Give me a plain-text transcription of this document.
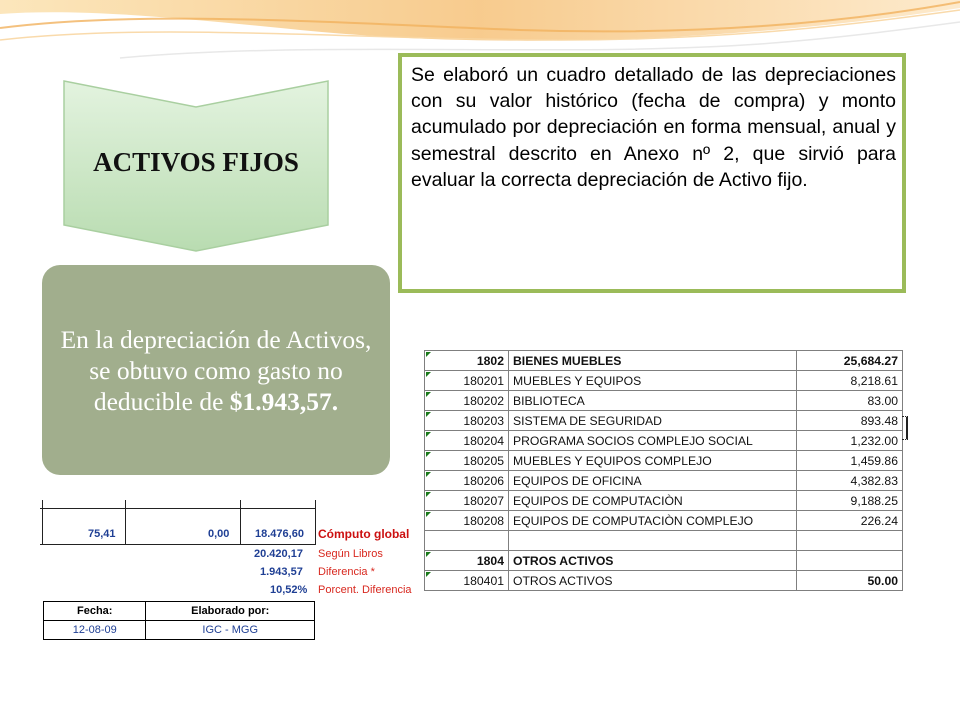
ACTIVOS FIJOS
Se elaboró un cuadro detallado de las depreciaciones con su valor histórico (fecha de compra) y monto acumulado por depreciación en forma mensual, anual y semestral descrito en Anexo nº 2, que sirvió para evaluar la correcta depreciación de Activo fijo.
En la depreciación de Activos, se obtuvo como gasto no deducible de $1.943,57.
75,41	0,00 18.476,60 Cómputo global
20.420,17 Según Libros
1.943,57 Diferencia *
10,52% Porcent. Diferencia
Fecha:	Elaborado por:
12-08-09	IGC - MGG
1802	BIENES MUEBLES	25,684.27
180201	MUEBLES Y EQUIPOS	8,218.61
180202	BIBLIOTECA	83.00
180203	SISTEMA DE SEGURIDAD	893.48
180204	PROGRAMA SOCIOS COMPLEJO SOCIAL	1,232.00
180205	MUEBLES Y EQUIPOS COMPLEJO	1,459.86
180206	EQUIPOS DE OFICINA	4,382.83
180207	EQUIPOS DE COMPUTACIÒN	9,188.25
180208	EQUIPOS DE COMPUTACIÒN COMPLEJO	226.24

1804	OTROS ACTIVOS	
180401	OTROS ACTIVOS	50.00
